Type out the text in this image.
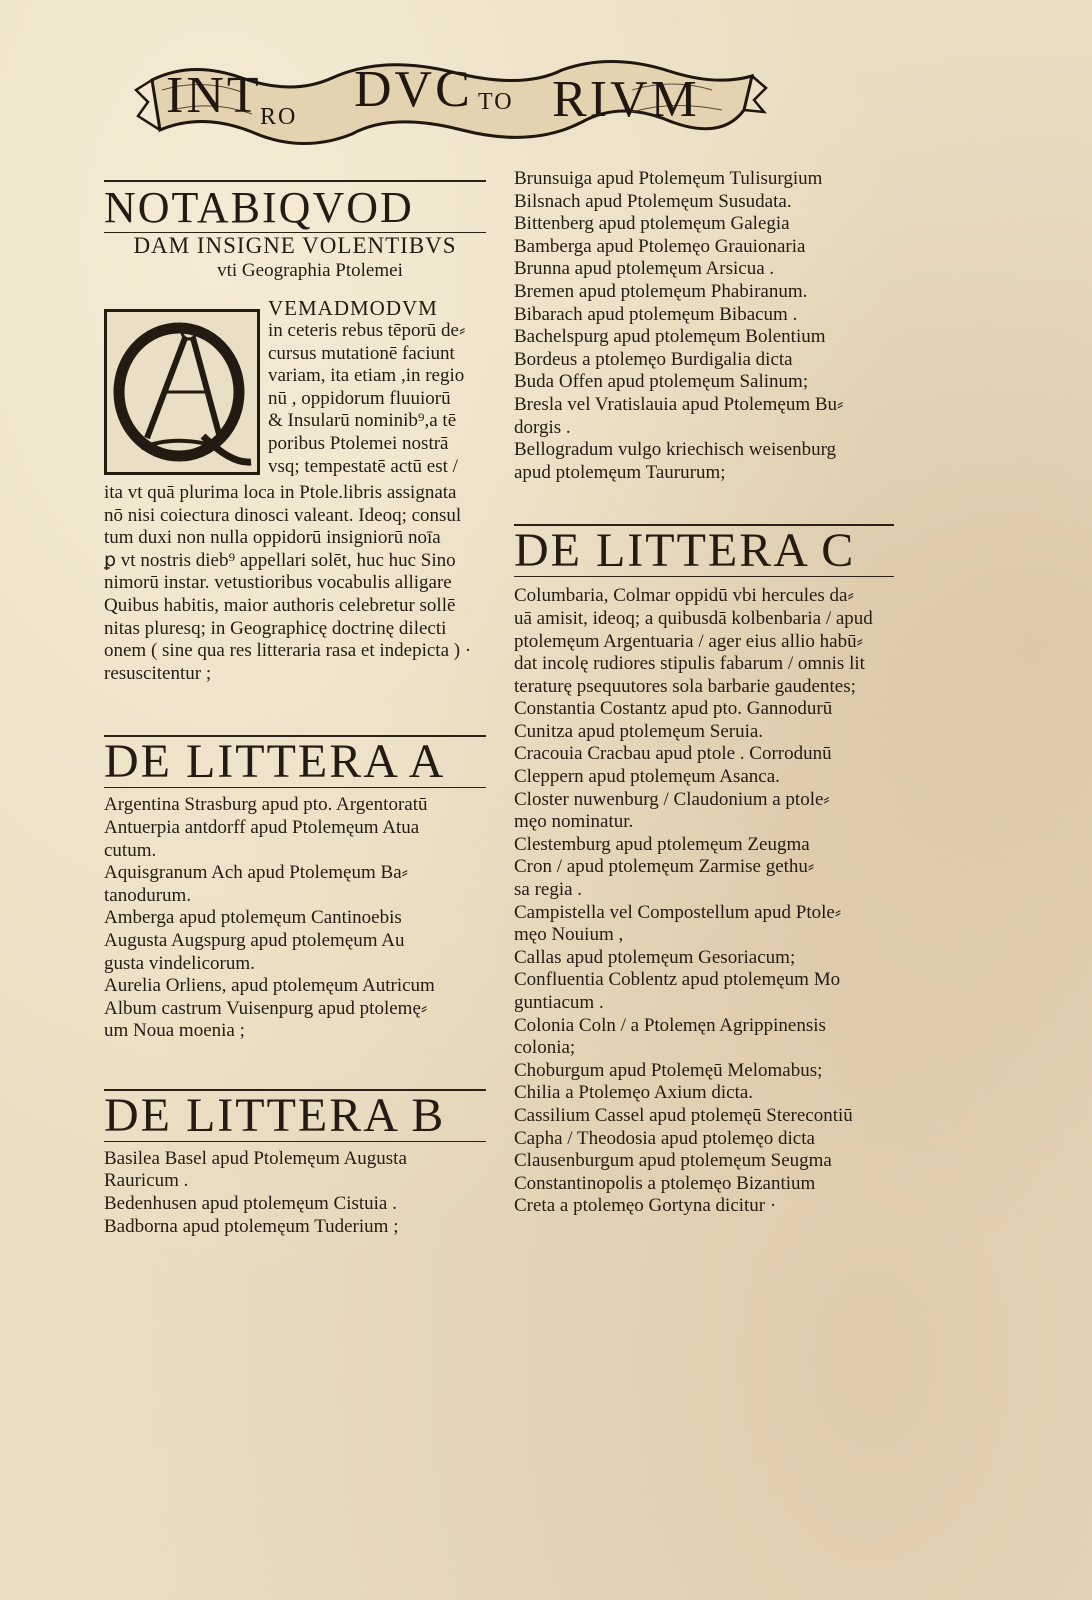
INT
RO DVC TO RIVM
NOTABIQVOD
DAM INSIGNE VOLENTIBVS
vti Geographia Ptolemei
VEMADMODVM
in ceteris rebus tēporū de⸗
cursus mutationē faciunt
variam, ita etiam ,in regio
nū , oppidorum fluuiorū
& Insularū nominib⁹,a tē
poribus Ptolemei nostrā
vsq; tempestatē actū est /
ita vt quā plurima loca in Ptole.libris assignata
nō nisi coiectura dinosci valeant. Ideoq; consul
tum duxi non nulla oppidorū insigniorū noīa
ꝑ vt nostris dieb⁹ appellari solēt, huc huc Sino
nimorū instar. vetustioribus vocabulis alligare
Quibus habitis, maior authoris celebretur sollē
nitas pluresq; in Geographicę doctrinę dilecti
onem ( sine qua res litteraria rasa et indepicta ) ·
resuscitentur ;
DE LITTERA A
Argentina Strasburg apud pto. Argentoratū
Antuerpia antdorff apud Ptolemęum Atua
cutum.
Aquisgranum Ach apud Ptolemęum Ba⸗
tanodurum.
Amberga apud ptolemęum Cantinoebis
Augusta Augspurg apud ptolemęum Au
gusta vindelicorum.
Aurelia Orliens, apud ptolemęum Autricum
Album castrum Vuisenpurg apud ptolemę⸗
um Noua moenia ;
DE LITTERA B
Basilea Basel apud Ptolemęum Augusta
Rauricum .
Bedenhusen apud ptolemęum Cistuia .
Badborna apud ptolemęum Tuderium ;
Brunsuiga apud Ptolemęum Tulisurgium
Bilsnach apud Ptolemęum Susudata.
Bittenberg apud ptolemęum Galegia
Bamberga apud Ptolemęo Grauionaria
Brunna apud ptolemęum Arsicua .
Bremen apud ptolemęum Phabiranum.
Bibarach apud ptolemęum Bibacum .
Bachelspurg apud ptolemęum Bolentium
Bordeus a ptolemęo Burdigalia dicta
Buda Offen apud ptolemęum Salinum;
Bresla vel Vratislauia apud Ptolemęum Bu⸗
dorgis .
Bellogradum vulgo kriechisch weisenburg
apud ptolemęum Taururum;
DE LITTERA C
Columbaria, Colmar oppidū vbi hercules da⸗
uā amisit, ideoq; a quibusdā kolbenbaria / apud
ptolemęum Argentuaria / ager eius allio habū⸗
dat incolę rudiores stipulis fabarum / omnis lit
teraturę psequutores sola barbarie gaudentes;
Constantia Costantz apud pto. Gannodurū
Cunitza apud ptolemęum Seruia.
Cracouia Cracbau apud ptole . Corrodunū
Cleppern apud ptolemęum Asanca.
Closter nuwenburg / Claudonium a ptole⸗
męo nominatur.
Clestemburg apud ptolemęum Zeugma
Cron / apud ptolemęum Zarmise gethu⸗
sa regia .
Campistella vel Compostellum apud Ptole⸗
męo Nouium ,
Callas apud ptolemęum Gesoriacum;
Confluentia Coblentz apud ptolemęum Mo
guntiacum .
Colonia Coln / a Ptolemęn Agrippinensis
colonia;
Choburgum apud Ptolemęū Melomabus;
Chilia a Ptolemęo Axium dicta.
Cassilium Cassel apud ptolemęū Sterecontiū
Capha / Theodosia apud ptolemęo dicta
Clausenburgum apud ptolemęum Seugma
Constantinopolis a ptolemęo Bizantium
Creta a ptolemęo Gortyna dicitur ·
